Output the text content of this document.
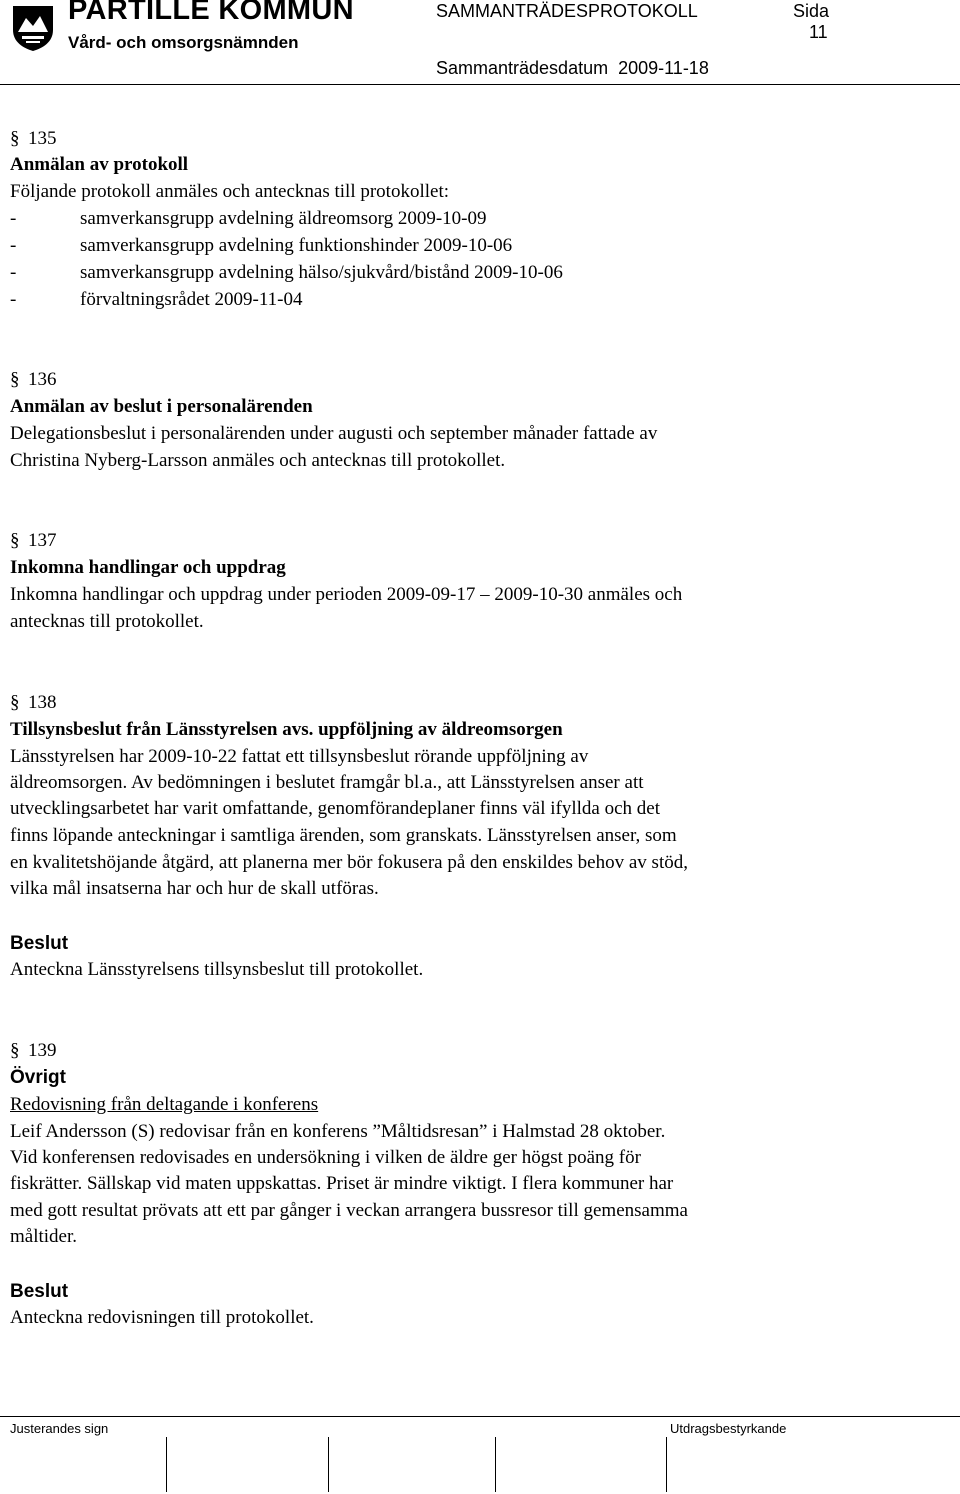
PARTILLE KOMMUN
Vård- och omsorgsnämnden
SAMMANTRÄDESPROTOKOLL	Sida
11
Sammanträdesdatum 2009-11-18
§ 135
Anmälan av protokoll
Följande protokoll anmäles och antecknas till protokollet:
-	samverkansgrupp avdelning äldreomsorg 2009-10-09
-	samverkansgrupp avdelning funktionshinder 2009-10-06
-	samverkansgrupp avdelning hälso/sjukvård/bistånd 2009-10-06
-	förvaltningsrådet 2009-11-04
§ 136
Anmälan av beslut i personalärenden
Delegationsbeslut i personalärenden under augusti och september månader fattade av
Christina Nyberg-Larsson anmäles och antecknas till protokollet.
§ 137
Inkomna handlingar och uppdrag
Inkomna handlingar och uppdrag under perioden 2009-09-17 – 2009-10-30 anmäles och
antecknas till protokollet.
§ 138
Tillsynsbeslut från Länsstyrelsen avs. uppföljning av äldreomsorgen
Länsstyrelsen har 2009-10-22 fattat ett tillsynsbeslut rörande uppföljning av
äldreomsorgen. Av bedömningen i beslutet framgår bl.a., att Länsstyrelsen anser att
utvecklingsarbetet har varit omfattande, genomförandeplaner finns väl ifyllda och det
finns löpande anteckningar i samtliga ärenden, som granskats. Länsstyrelsen anser, som
en kvalitetshöjande åtgärd, att planerna mer bör fokusera på den enskildes behov av stöd,
vilka mål insatserna har och hur de skall utföras.
Beslut
Anteckna Länsstyrelsens tillsynsbeslut till protokollet.
§ 139
Övrigt
Redovisning från deltagande i konferens
Leif Andersson (S) redovisar från en konferens ”Måltidsresan” i Halmstad 28 oktober.
Vid konferensen redovisades en undersökning i vilken de äldre ger högst poäng för
fiskrätter. Sällskap vid maten uppskattas. Priset är mindre viktigt. I flera kommuner har
med gott resultat prövats att ett par gånger i veckan arrangera bussresor till gemensamma
måltider.
Beslut
Anteckna redovisningen till protokollet.
Justerandes sign	Utdragsbestyrkande
